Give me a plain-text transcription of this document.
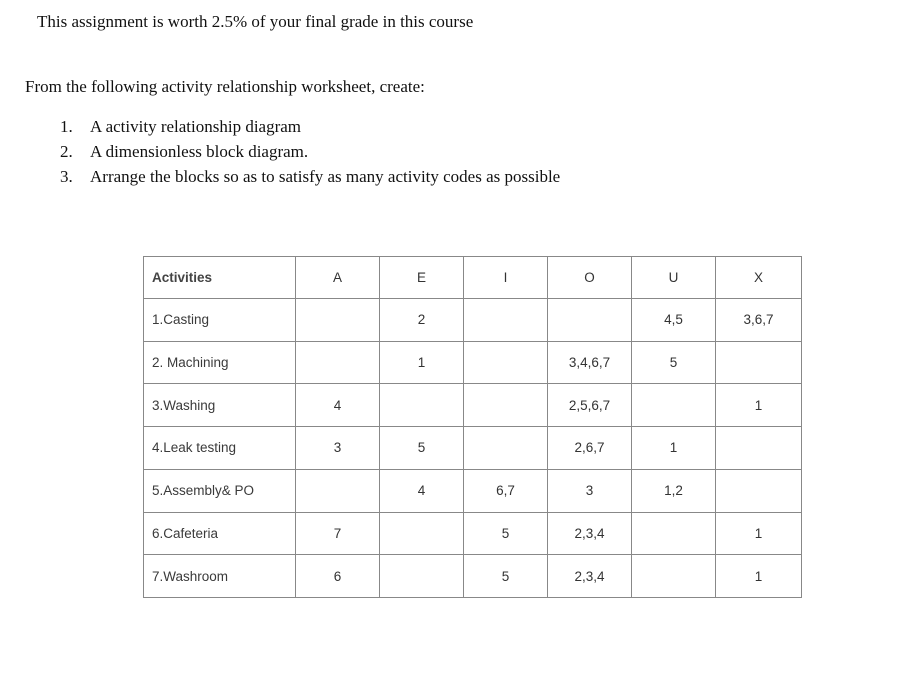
This assignment is worth 2.5% of your final grade in this course

From the following activity relationship worksheet, create:

1. A activity relationship diagram
2. A dimensionless block diagram.
3. Arrange the blocks so as to satisfy as many activity codes as possible
Activities	A	E	I	O	U	X
1.Casting		2			4,5	3,6,7
2. Machining		1		3,4,6,7	5	
3.Washing	4			2,5,6,7		1
4.Leak testing	3	5		2,6,7	1	
5.Assembly& PO		4	6,7	3	1,2	
6.Cafeteria	7		5	2,3,4		1
7.Washroom	6		5	2,3,4		1
